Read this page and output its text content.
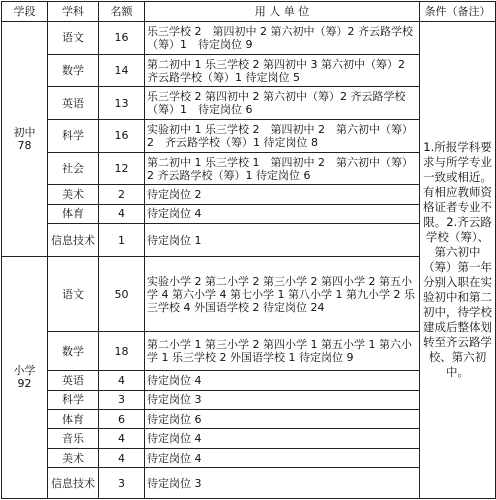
学段	学科	名额	用 人 单 位	条件（备注）

初中
78	语文	16	乐三学校 2　第四初中 2 第六初中（筹）2 齐云路学校（筹）1　待定岗位 9	1.所报学科要求与所学专业一致或相近。有相应教师资格证者专业不限。2.齐云路学校（筹）、第六初中（筹）第一年分别入职在实验初中和第二初中，待学校建成后整体划转至齐云路学校、第六初中。
	数学	14	第二初中 1 乐三学校 2 第四初中 3 第六初中（筹）2　齐云路学校（筹）1 待定岗位 5	
	英语	13	乐三学校 2 第四初中 2 第六初中（筹）2 齐云路学校（筹）1　待定岗位 6	
	科学	16	实验初中 1 乐三学校 2　第四初中 2　第六初中（筹）2　齐云路学校（筹）1 待定岗位 8	
	社会	12	第二初中 1 乐三学校 1　第四初中 2　第六初中（筹）2 齐云路学校（筹）1 待定岗位 6	
	美术	2	待定岗位 2	
	体育	4	待定岗位 4	
	信息技术	1	待定岗位 1	

小学
92	语文	50	实验小学 2 第二小学 2 第三小学 2 第四小学 2 第五小学 4 第六小学 4 第七小学 1 第八小学 1 第九小学 2 乐三学校 4 外国语学校 2 待定岗位 24	
	数学	18	第二小学 1 第三小学 2 第四小学 1 第五小学 1 第六小学 1 乐三学校 2 外国语学校 1 待定岗位 9	
	英语	4	待定岗位 4	
	科学	3	待定岗位 3	
	体育	6	待定岗位 6	
	音乐	4	待定岗位 4	
	美术	4	待定岗位 4	
	信息技术	3	待定岗位 3	
